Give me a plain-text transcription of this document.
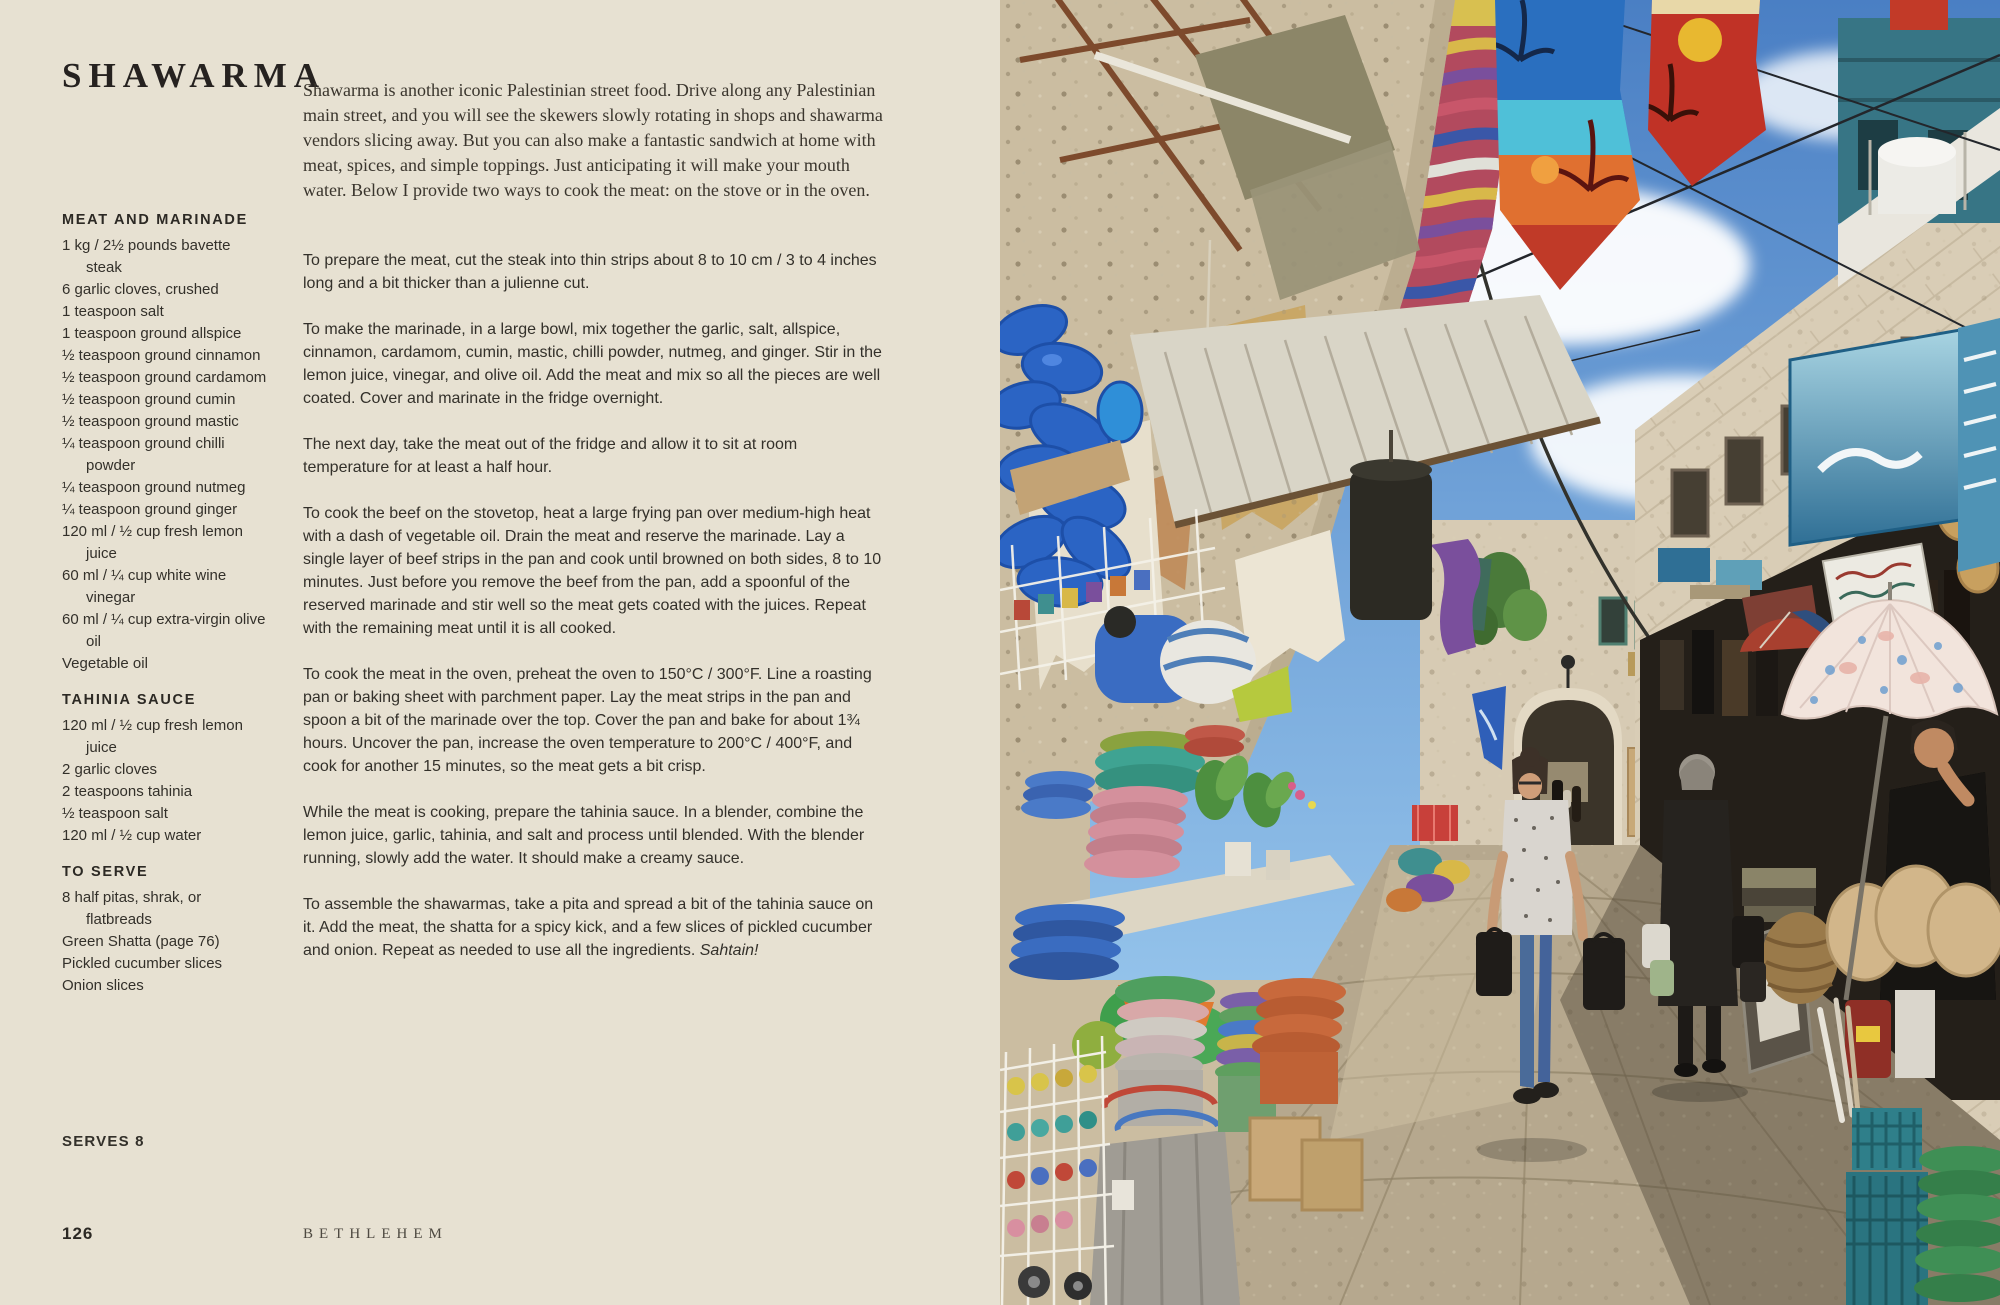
SHAWARMA
MEAT AND MARINADE
1 kg / 2½ pounds bavette steak
6 garlic cloves, crushed
1 teaspoon salt
1 teaspoon ground allspice
½ teaspoon ground cinnamon
½ teaspoon ground cardamom
½ teaspoon ground cumin
½ teaspoon ground mastic
¼ teaspoon ground chilli powder
¼ teaspoon ground nutmeg
¼ teaspoon ground ginger
120 ml / ½ cup fresh lemon juice
60 ml / ¼ cup white wine vinegar
60 ml / ¼ cup extra-virgin olive oil
Vegetable oil
TAHINIA SAUCE
120 ml / ½ cup fresh lemon juice
2 garlic cloves
2 teaspoons tahinia
½ teaspoon salt
120 ml / ½ cup water
TO SERVE
8 half pitas, shrak, or flatbreads
Green Shatta (page 76)
Pickled cucumber slices
Onion slices
SERVES 8

Shawarma is another iconic Palestinian street food. Drive along any Palestinian main street, and you will see the skewers slowly rotating in shops and shawarma vendors slicing away. But you can also make a fantastic sandwich at home with meat, spices, and simple toppings. Just anticipating it will make your mouth water. Below I provide two ways to cook the meat: on the stove or in the oven.

To prepare the meat, cut the steak into thin strips about 8 to 10 cm / 3 to 4 inches long and a bit thicker than a julienne cut.

To make the marinade, in a large bowl, mix together the garlic, salt, allspice, cinnamon, cardamom, cumin, mastic, chilli powder, nutmeg, and ginger. Stir in the lemon juice, vinegar, and olive oil. Add the meat and mix so all the pieces are well coated. Cover and marinate in the fridge overnight.

The next day, take the meat out of the fridge and allow it to sit at room temperature for at least a half hour.

To cook the beef on the stovetop, heat a large frying pan over medium-high heat with a dash of vegetable oil. Drain the meat and reserve the marinade. Lay a single layer of beef strips in the pan and cook until browned on both sides, 8 to 10 minutes. Just before you remove the beef from the pan, add a spoonful of the reserved marinade and stir well so the meat gets coated with the juices. Repeat with the remaining meat until it is all cooked.

To cook the meat in the oven, preheat the oven to 150°C / 300°F. Line a roasting pan or baking sheet with parchment paper. Lay the meat strips in the pan and spoon a bit of the marinade over the top. Cover the pan and bake for about 1¾ hours. Uncover the pan, increase the oven temperature to 200°C / 400°F, and cook for another 15 minutes, so the meat gets a bit crisp.

While the meat is cooking, prepare the tahinia sauce. In a blender, combine the lemon juice, garlic, tahinia, and salt and process until blended. With the blender running, slowly add the water. It should make a creamy sauce.

To assemble the shawarmas, take a pita and spread a bit of the tahinia sauce on it. Add the meat, the shatta for a spicy kick, and a few slices of pickled cucumber and onion. Repeat as needed to use all the ingredients. Sahtain!

126	BETHLEHEM
